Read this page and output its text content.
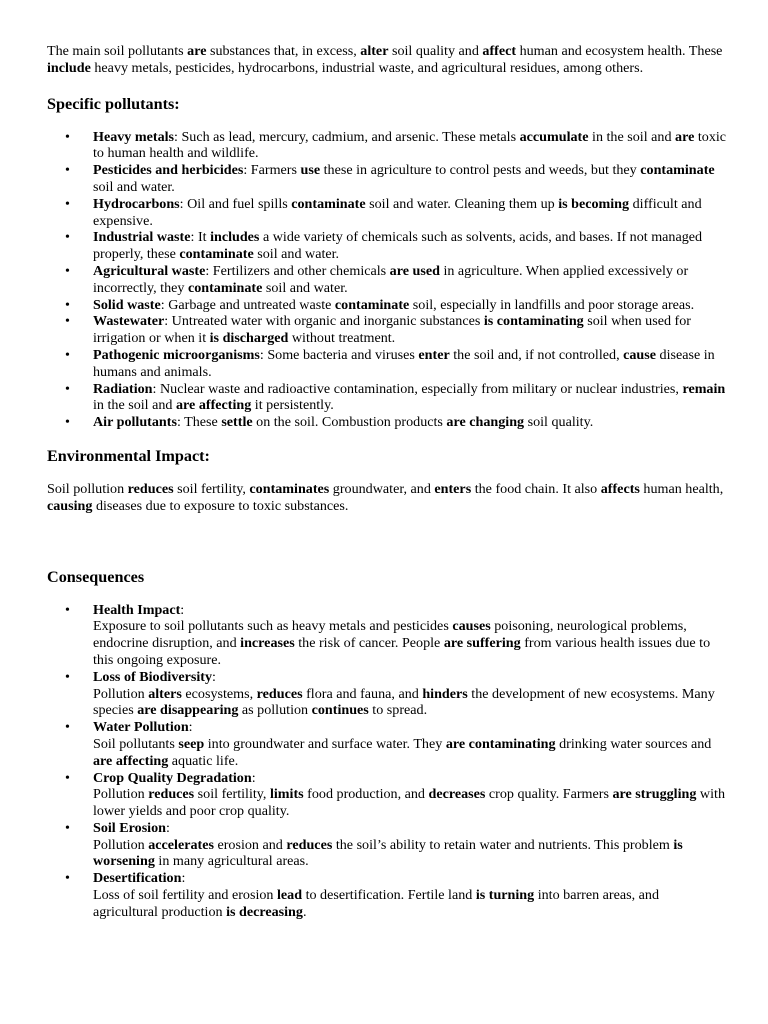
The main soil pollutants are substances that, in excess, alter soil quality and affect human and ecosystem health. These include heavy metals, pesticides, hydrocarbons, industrial waste, and agricultural residues, among others.

Specific pollutants:
• Heavy metals: Such as lead, mercury, cadmium, and arsenic. These metals accumulate in the soil and are toxic to human health and wildlife.
• Pesticides and herbicides: Farmers use these in agriculture to control pests and weeds, but they contaminate soil and water.
• Hydrocarbons: Oil and fuel spills contaminate soil and water. Cleaning them up is becoming difficult and expensive.
• Industrial waste: It includes a wide variety of chemicals such as solvents, acids, and bases. If not managed properly, these contaminate soil and water.
• Agricultural waste: Fertilizers and other chemicals are used in agriculture. When applied excessively or incorrectly, they contaminate soil and water.
• Solid waste: Garbage and untreated waste contaminate soil, especially in landfills and poor storage areas.
• Wastewater: Untreated water with organic and inorganic substances is contaminating soil when used for irrigation or when it is discharged without treatment.
• Pathogenic microorganisms: Some bacteria and viruses enter the soil and, if not controlled, cause disease in humans and animals.
• Radiation: Nuclear waste and radioactive contamination, especially from military or nuclear industries, remain in the soil and are affecting it persistently.
• Air pollutants: These settle on the soil. Combustion products are changing soil quality.
Environmental Impact:

Soil pollution reduces soil fertility, contaminates groundwater, and enters the food chain. It also affects human health, causing diseases due to exposure to toxic substances.

Consequences
• Health Impact:
Exposure to soil pollutants such as heavy metals and pesticides causes poisoning, neurological problems, endocrine disruption, and increases the risk of cancer. People are suffering from various health issues due to this ongoing exposure.
• Loss of Biodiversity:
Pollution alters ecosystems, reduces flora and fauna, and hinders the development of new ecosystems. Many species are disappearing as pollution continues to spread.
• Water Pollution:
Soil pollutants seep into groundwater and surface water. They are contaminating drinking water sources and are affecting aquatic life.
• Crop Quality Degradation:
Pollution reduces soil fertility, limits food production, and decreases crop quality. Farmers are struggling with lower yields and poor crop quality.
• Soil Erosion:
Pollution accelerates erosion and reduces the soil’s ability to retain water and nutrients. This problem is worsening in many agricultural areas.
• Desertification:
Loss of soil fertility and erosion lead to desertification. Fertile land is turning into barren areas, and agricultural production is decreasing.
